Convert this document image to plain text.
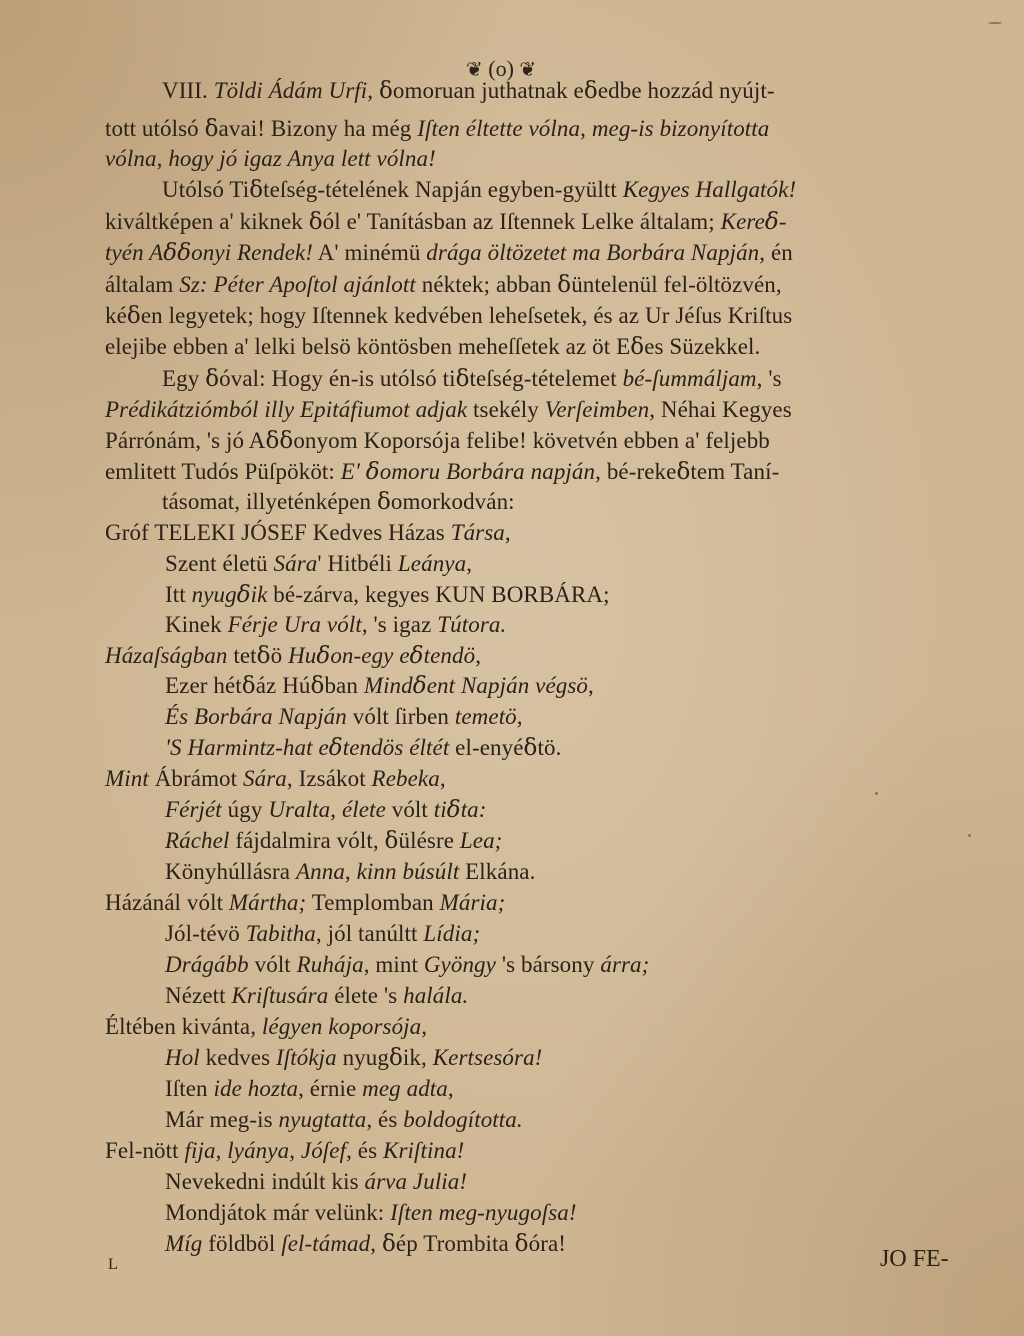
❦ (o) ❦
VIII. Töldi Ádám Urfi, ẟomoruan juthatnak eẟedbe hozzád nyújt-
tott utólsó ẟavai! Bizony ha még Iſten éltette vólna, meg-is bizonyította
vólna, hogy jó igaz Anya lett vólna!
Utólsó Tiẟteſség-tételének Napján egyben-gyültt Kegyes Hallgatók!
kiváltképen a' kiknek ẟól e' Tanításban az Iſtennek Lelke általam; Kereẟ-
tyén Aẟẟonyi Rendek! A' minémü drága öltözetet ma Borbára Napján, én
általam Sz: Péter Apoſtol ajánlott néktek; abban ẟüntelenül fel-öltözvén,
kéẟen legyetek; hogy Iſtennek kedvében leheſsetek, és az Ur Jéſus Kriſtus
elejibe ebben a' lelki belsö köntösben meheſſetek az öt Eẟes Süzekkel.
Egy ẟóval: Hogy én-is utólsó tiẟteſség-tételemet bé-ſummáljam, 's
Prédikátziómból illy Epitáfiumot adjak tsekély Verſeimben, Néhai Kegyes
Párrónám, 's jó Aẟẟonyom Koporsója felibe! követvén ebben a' feljebb
emlitett Tudós Püſpököt: E' ẟomoru Borbára napján, bé-rekeẟtem Taní-
tásomat, illyeténképen ẟomorkodván:
Gróf TELEKI JÓSEF Kedves Házas Társa,
Szent életü Sára' Hitbéli Leánya,
Itt nyugẟik bé-zárva, kegyes KUN BORBÁRA;
Kinek Férje Ura vólt, 's igaz Tútora.
Házaſságban tetẟö Huẟon-egy eẟtendö,
Ezer hétẟáz Húẟban Mindẟent Napján végsö,
És Borbára Napján vólt ſirben temetö,
'S Harmintz-hat eẟtendös éltét el-enyéẟtö.
Mint Ábrámot Sára, Izsákot Rebeka,
Férjét úgy Uralta, élete vólt tiẟta:
Ráchel fájdalmira vólt, ẟülésre Lea;
Könyhúllásra Anna, kinn búsúlt Elkána.
Házánál vólt Mártha; Templomban Mária;
Jól-tévö Tabitha, jól tanúltt Lídia;
Drágább vólt Ruhája, mint Gyöngy 's bársony árra;
Nézett Kriſtusára élete 's halála.
Éltében kivánta, légyen koporsója,
Hol kedves Iſtókja nyugẟik, Kertsesóra!
Iſten ide hozta, érnie meg adta,
Már meg-is nyugtatta, és boldogította.
Fel-nött fija, lyánya, Jóſef, és Kriſtina!
Nevekedni indúlt kis árva Julia!
Mondjátok már velünk: Iſten meg-nyugoſsa!
Míg földböl ſel-támad, ẟép Trombita ẟóra!
L	JO FE-
